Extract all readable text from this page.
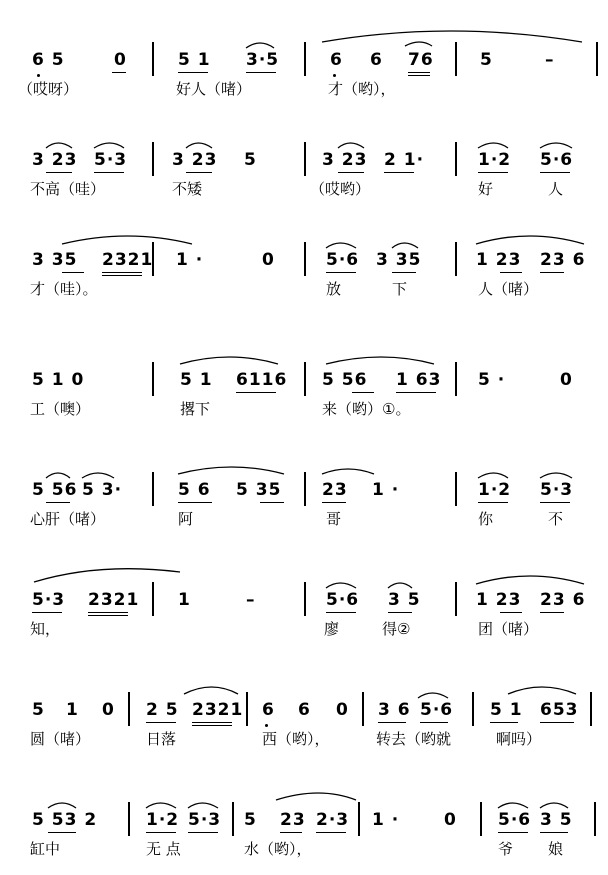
6 5	0	5 1 3·5	6 6 76	5	–
（哎呀）	好人（啫）	才（哟），
3 23 5·3	3 23 5	3 23 2 1·	1·2 5·6
不高（哇）	不矮	（哎哟）	好	人
3 35 2321 1 ·	0	5·6 3 35	1 23 23 6
才（哇）。	放	下	人（啫）
5 1 0	5 1 6116 5 56 1 63 5 ·	0
工（噢）	撂下	来（哟）①。
5 56 5 3·	5 6 5 35 23 1 ·	1·2 5·3
心肝（啫）	阿	哥	你	不
5·3 2321 1	–	5·6 3 5	1 23 23 6
知，	廖	得②	团（啫）
5 1 0 2 5 2321 6 6 0 3 6 5·6 5 1 653
圆（啫）	日落	西（哟），	转去（哟就	啊吗）
5 53 2	1·2 5·3 5 23 2·3 1 ·	0 5·6 3 5
缸中	无 点	水（哟），	爷 娘
